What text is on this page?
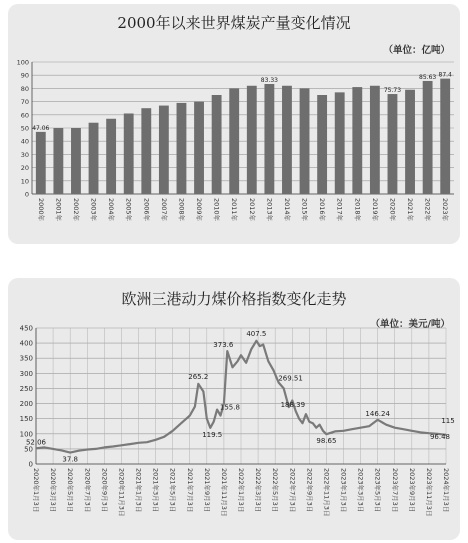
2000年以来世界煤炭产量变化情况
（单位：亿吨）
0
10
20
30
40
50
60
70
80
90
100
2000年 2001年 2002年 2003年 2004年 2005年 2006年 2007年 2008年 2009年 2010年 2011年 2012年 2013年 2014年 2015年 2016年 2017年 2018年 2019年 2020年 2021年 2022年 2023年
47.06
83.33
75.73
85.63 87.4
欧洲三港动力煤价格指数变化走势
（单位：美元/吨）
0
50
100
150
200
250
300
350
400
450
2020年1月3日 2020年3月3日 2020年5月3日 2020年7月3日 2020年9月3日 2020年11月3日 2021年1月3日 2021年3月3日 2021年5月3日 2021年7月3日 2021年9月3日 2021年11月3日 2022年1月3日 2022年3月3日 2022年5月3日 2022年7月3日 2022年9月3日 2022年11月3日 2023年1月3日 2023年3月3日 2023年5月3日 2023年7月3日 2023年9月3日 2023年11月3日 2024年1月3日
52.06
37.8
265.2
119.5
155.8
373.6
407.5
269.51
188.39
98.65
146.24
96.48
115
